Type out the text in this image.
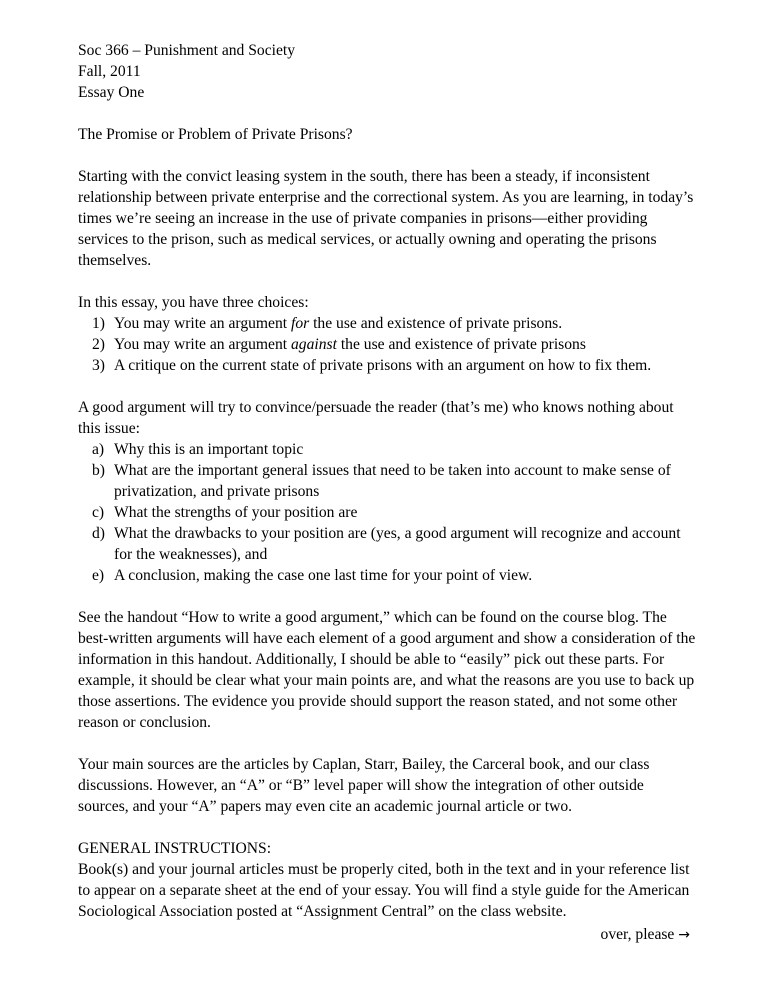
Soc 366 – Punishment and Society

Fall, 2011

Essay One

The Promise or Problem of Private Prisons?

Starting with the convict leasing system in the south, there has been a steady, if inconsistent relationship between private enterprise and the correctional system. As you are learning, in today’s times we’re seeing an increase in the use of private companies in prisons—either providing services to the prison, such as medical services, or actually owning and operating the prisons themselves.

In this essay, you have three choices:

1) You may write an argument for the use and existence of private prisons.
2) You may write an argument against the use and existence of private prisons
3) A critique on the current state of private prisons with an argument on how to fix them.

A good argument will try to convince/persuade the reader (that’s me) who knows nothing about this issue:

a) Why this is an important topic
b) What are the important general issues that need to be taken into account to make sense of privatization, and private prisons
c) What the strengths of your position are
d) What the drawbacks to your position are (yes, a good argument will recognize and account for the weaknesses), and
e) A conclusion, making the case one last time for your point of view.

See the handout “How to write a good argument,” which can be found on the course blog. The best-written arguments will have each element of a good argument and show a consideration of the information in this handout. Additionally, I should be able to “easily” pick out these parts. For example, it should be clear what your main points are, and what the reasons are you use to back up those assertions. The evidence you provide should support the reason stated, and not some other reason or conclusion.

Your main sources are the articles by Caplan, Starr, Bailey, the Carceral book, and our class discussions. However, an “A” or “B” level paper will show the integration of other outside sources, and your “A” papers may even cite an academic journal article or two.

GENERAL INSTRUCTIONS:

Book(s) and your journal articles must be properly cited, both in the text and in your reference list to appear on a separate sheet at the end of your essay. You will find a style guide for the American Sociological Association posted at “Assignment Central” on the class website.

over, please →
